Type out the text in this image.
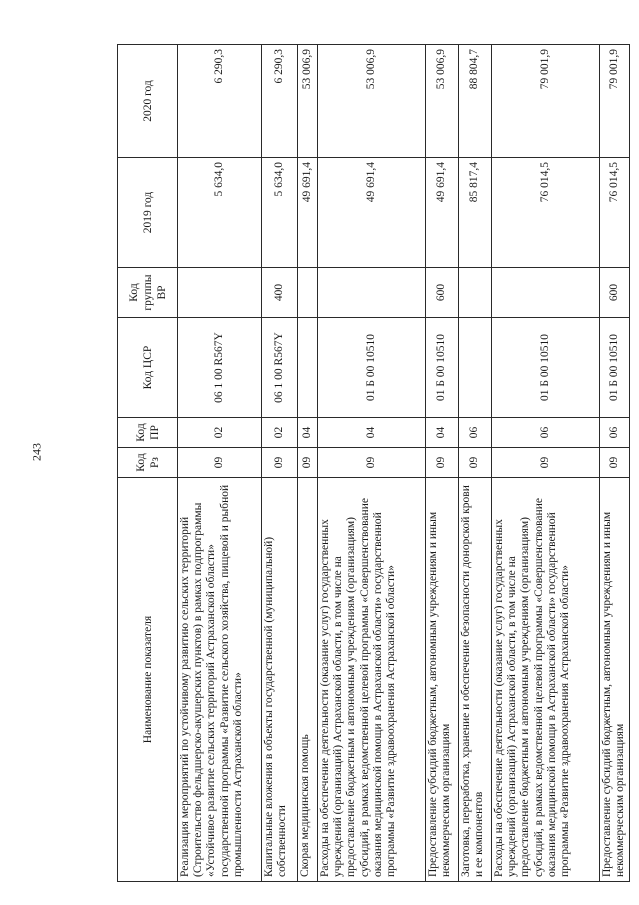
243
Наименование показателя	Код Рз	Код ПР	Код ЦСР	Код группы ВР	2019 год	2020 год
Реализация мероприятий по устойчивому развитию сельских территорий (Строительство фельдшерско-акушерских пунктов) в рамках подпрограммы «Устойчивое развитие сельских территорий Астраханской области» государственной программы «Развитие сельского хозяйства, пищевой и рыбной промышленности Астраханской области»	09	02	06 1 00 R567Y		5 634,0	6 290,3
Капитальные вложения в объекты государственной (муниципальной) собственности	09	02	06 1 00 R567Y	400	5 634,0	6 290,3
Скорая медицинская помощь	09	04			49 691,4	53 006,9
Расходы на обеспечение деятельности (оказание услуг) государственных учреждений (организаций) Астраханской области, в том числе на предоставление бюджетным и автономным учреждениям (организациям) субсидий, в рамках ведомственной целевой программы «Совершенствование оказания медицинской помощи в Астраханской области» государственной программы «Развитие здравоохранения Астраханской области»	09	04	01 Б 00 10510		49 691,4	53 006,9
Предоставление субсидий бюджетным, автономным учреждениям и иным некоммерческим организациям	09	04	01 Б 00 10510	600	49 691,4	53 006,9
Заготовка, переработка, хранение и обеспечение безопасности донорской крови и ее компонентов	09	06			85 817,4	88 804,7
Расходы на обеспечение деятельности (оказание услуг) государственных учреждений (организаций) Астраханской области, в том числе на предоставление бюджетным и автономным учреждениям (организациям) субсидий, в рамках ведомственной целевой программы «Совершенствование оказания медицинской помощи в Астраханской области» государственной программы «Развитие здравоохранения Астраханской области»	09	06	01 Б 00 10510		76 014,5	79 001,9
Предоставление субсидий бюджетным, автономным учреждениям и иным некоммерческим организациям	09	06	01 Б 00 10510	600	76 014,5	79 001,9
